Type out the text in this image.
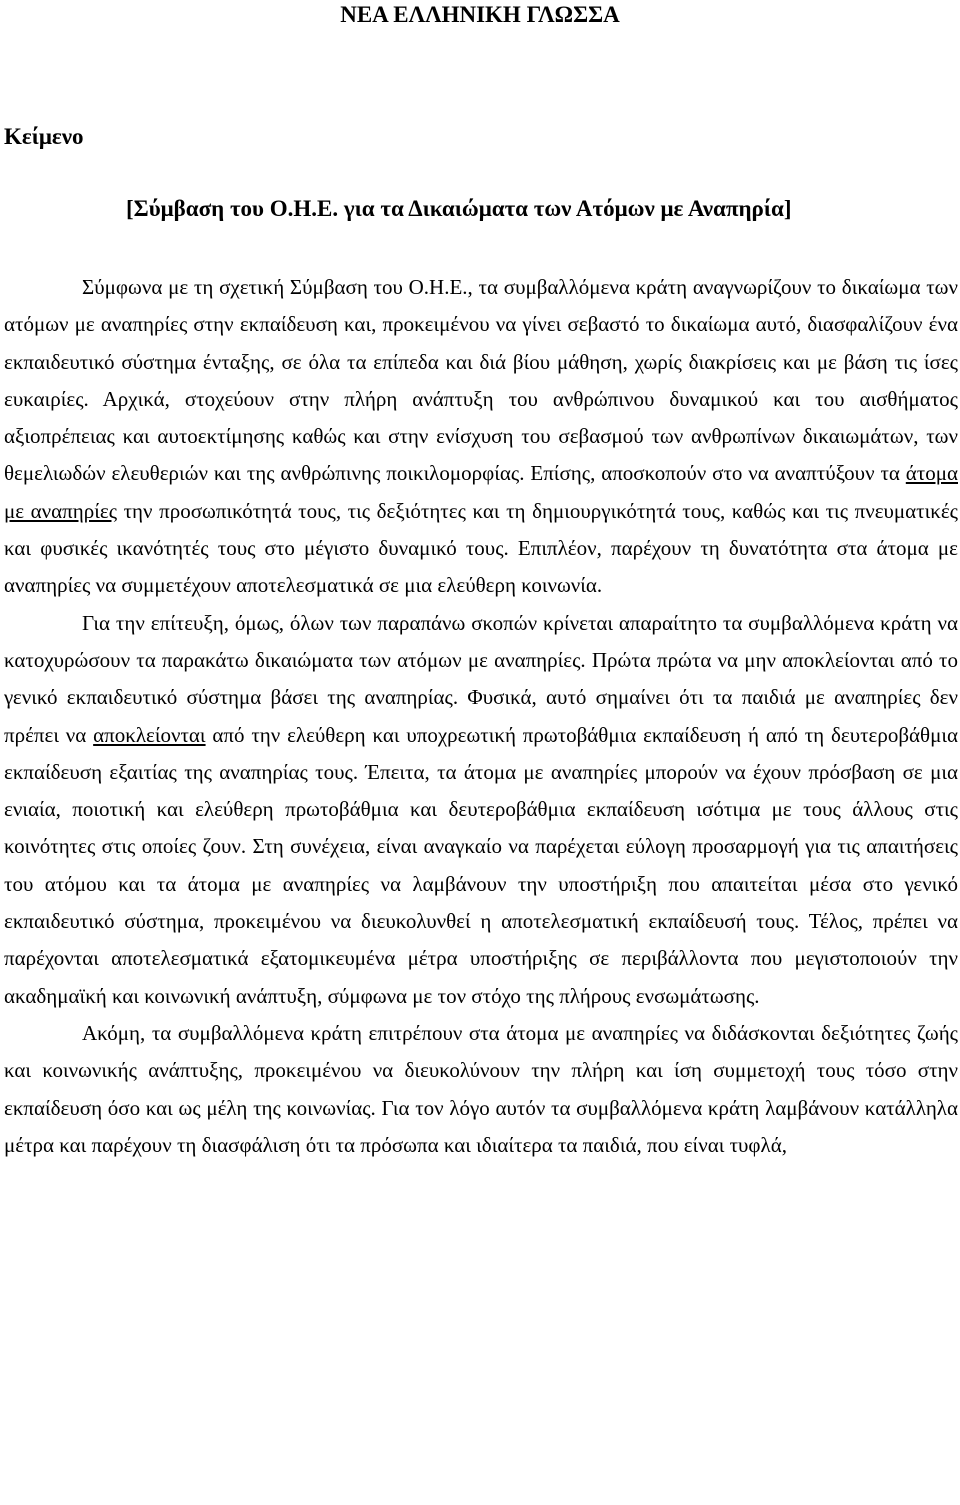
ΝΕΑ ΕΛΛΗΝΙΚΗ ΓΛΩΣΣΑ
Κείμενο
[Σύμβαση του Ο.Η.Ε. για τα Δικαιώματα των Ατόμων με Αναπηρία]

Σύμφωνα με τη σχετική Σύμβαση του Ο.Η.Ε., τα συμβαλλόμενα κράτη αναγνωρίζουν το δικαίωμα των ατόμων με αναπηρίες στην εκπαίδευση και, προκειμένου να γίνει σεβαστό το δικαίωμα αυτό, διασφαλίζουν ένα εκπαιδευτικό σύστημα ένταξης, σε όλα τα επίπεδα και διά βίου μάθηση, χωρίς διακρίσεις και με βάση τις ίσες ευκαιρίες. Αρχικά, στοχεύουν στην πλήρη ανάπτυξη του ανθρώπινου δυναμικού και του αισθήματος αξιοπρέπειας και αυτοεκτίμησης καθώς και στην ενίσχυση του σεβασμού των ανθρωπίνων δικαιωμάτων, των θεμελιωδών ελευθεριών και της ανθρώπινης ποικιλομορφίας. Επίσης, αποσκοπούν στο να αναπτύξουν τα άτομα με αναπηρίες την προσωπικότητά τους, τις δεξιότητες και τη δημιουργικότητά τους, καθώς και τις πνευματικές και φυσικές ικανότητές τους στο μέγιστο δυναμικό τους. Επιπλέον, παρέχουν τη δυνατότητα στα άτομα με αναπηρίες να συμμετέχουν αποτελεσματικά σε μια ελεύθερη κοινωνία.

Για την επίτευξη, όμως, όλων των παραπάνω σκοπών κρίνεται απαραίτητο τα συμβαλλόμενα κράτη να κατοχυρώσουν τα παρακάτω δικαιώματα των ατόμων με αναπηρίες. Πρώτα πρώτα να μην αποκλείονται από το γενικό εκπαιδευτικό σύστημα βάσει της αναπηρίας. Φυσικά, αυτό σημαίνει ότι τα παιδιά με αναπηρίες δεν πρέπει να αποκλείονται από την ελεύθερη και υποχρεωτική πρωτοβάθμια εκπαίδευση ή από τη δευτεροβάθμια εκπαίδευση εξαιτίας της αναπηρίας τους. Έπειτα, τα άτομα με αναπηρίες μπορούν να έχουν πρόσβαση σε μια ενιαία, ποιοτική και ελεύθερη πρωτοβάθμια και δευτεροβάθμια εκπαίδευση ισότιμα με τους άλλους στις κοινότητες στις οποίες ζουν. Στη συνέχεια, είναι αναγκαίο να παρέχεται εύλογη προσαρμογή για τις απαιτήσεις του ατόμου και τα άτομα με αναπηρίες να λαμβάνουν την υποστήριξη που απαιτείται μέσα στο γενικό εκπαιδευτικό σύστημα, προκειμένου να διευκολυνθεί η αποτελεσματική εκπαίδευσή τους. Τέλος, πρέπει να παρέχονται αποτελεσματικά εξατομικευμένα μέτρα υποστήριξης σε περιβάλλοντα που μεγιστοποιούν την ακαδημαϊκή και κοινωνική ανάπτυξη, σύμφωνα με τον στόχο της πλήρους ενσωμάτωσης.

Ακόμη, τα συμβαλλόμενα κράτη επιτρέπουν στα άτομα με αναπηρίες να διδάσκονται δεξιότητες ζωής και κοινωνικής ανάπτυξης, προκειμένου να διευκολύνουν την πλήρη και ίση συμμετοχή τους τόσο στην εκπαίδευση όσο και ως μέλη της κοινωνίας. Για τον λόγο αυτόν τα συμβαλλόμενα κράτη λαμβάνουν κατάλληλα μέτρα και παρέχουν τη διασφάλιση ότι τα πρόσωπα και ιδιαίτερα τα παιδιά, που είναι τυφλά,
